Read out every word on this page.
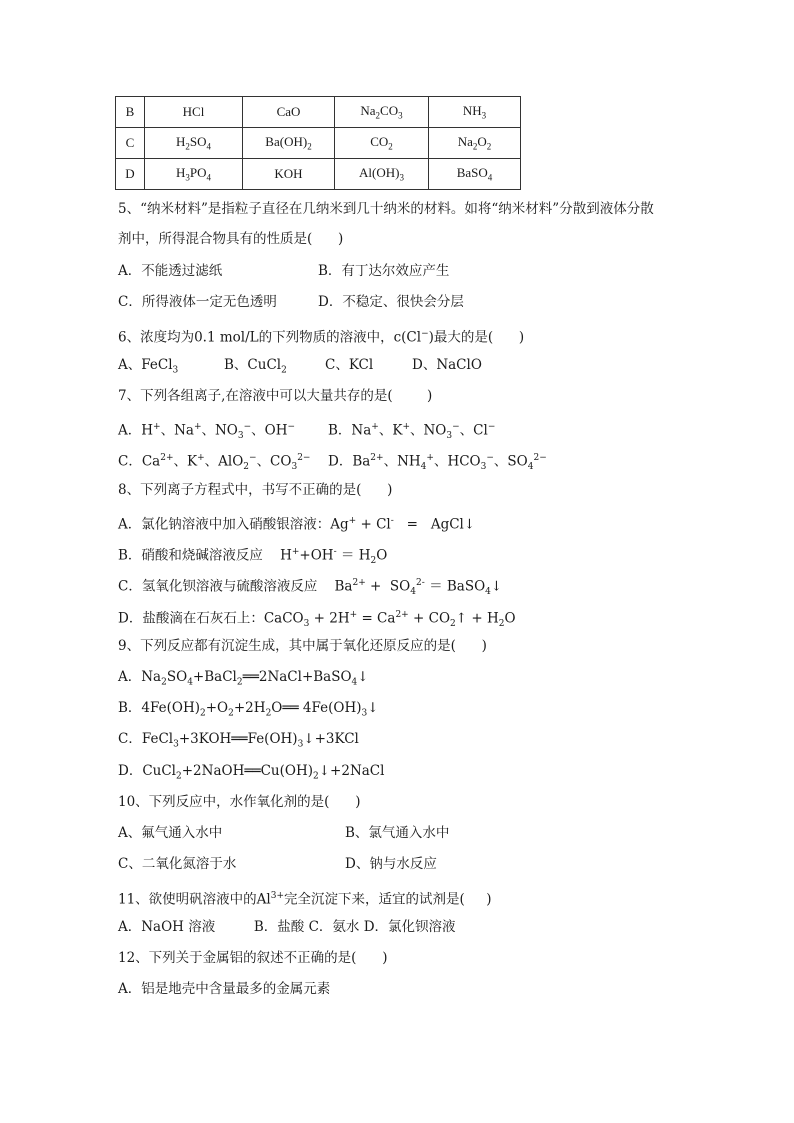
B	HCl	CaO	$Na_2CO_3$	$NH_3$
C	$H_2SO_4$	$Ba(OH)_2$	$CO_2$	$Na_2O_2$
D	$H_3PO_4$	KOH	$Al(OH)_3$	BaSO$_4$
5、“纳米材料”是指粒子直径在几纳米到几十纳米的材料。如将“纳米材料”分散到液体分散
剂中，所得混合物具有的性质是(      )
6、浓度均为0.1 mol/L的下列物质的溶液中，c(Cl−)最大的是(      )
7、下列各组离子,在溶液中可以大量共存的是(        )
8、下列离子方程式中，书写不正确的是(      )
A．氯化钠溶液中加入硝酸银溶液：Ag+ + Cl-   =   AgCl↓
B．硝酸和烧碱溶液反应    $H^++OH^- = H_2O$
C．氢氧化钡溶液与硫酸溶液反应    $Ba^{2+} + SO_4^{2-}$ ＝ BaSO$_4$↓
D．盐酸滴在石灰石上：CaCO$_3$ + $2H^+ = Ca^{2+}$ + $CO_2↑ + H_2O$
9、下列反应都有沉淀生成，其中属于氧化还原反应的是(      )
A．$Na_2SO_4+BaCl_2══2NaCl+BaSO_4↓$
B．$4Fe(OH)_2+O_2+2H_2O══$ $4Fe(OH)_3↓$
C．$FeCl_3+3KOH══Fe(OH)_3↓+3KCl$
D．$CuCl_2+2NaOH══Cu(OH)_2↓+2NaCl$
10、下列反应中，水作氧化剂的是(      )
11、欲使明矾溶液中的$Al^{3+}$完全沉淀下来，适宜的试剂是(     )
A．NaOH 溶液         B．盐酸 C．氨水 D．氯化钡溶液
12、下列关于金属铝的叙述不正确的是(      )
A．铝是地壳中含量最多的金属元素
A．不能透过滤纸	B．有丁达尔效应产生
C．所得液体一定无色透明	D．不稳定、很快会分层
A、FeCl$_3$	B、CuCl$_2$	C、KCl	D、NaClO
A．H+、Na+、$NO_3^-$、OH− B．Na+、K+、$NO_3^-$、Cl−
C．$Ca^{2+}$、K+、AlO$_2$−、$CO_3^{2-}$ D．$Ba^{2+}$、$NH_4^+$、$HCO_3^-$、$SO_4^{2-}$
A、氟气通入水中	B、氯气通入水中
C、二氧化氮溶于水	D、钠与水反应
